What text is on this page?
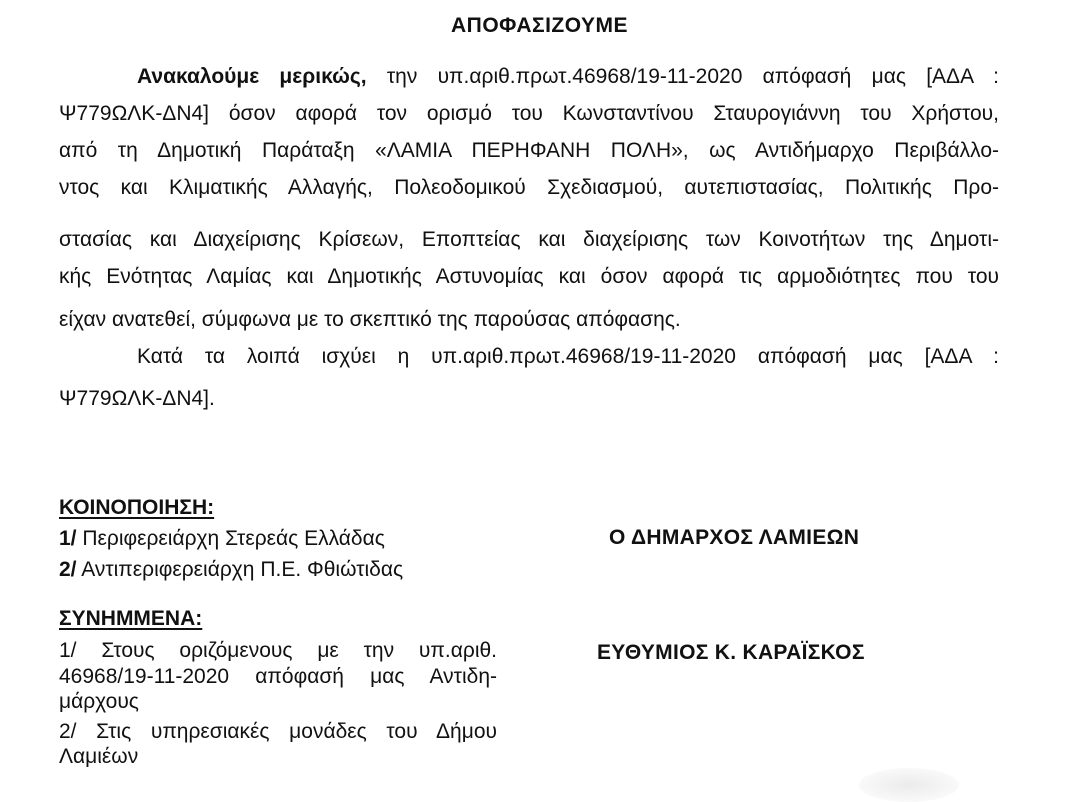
ΑΠΟΦΑΣΙΖΟΥΜΕ
Ανακαλούμε μερικώς, την υπ.αριθ.πρωτ.46968/19-11-2020 απόφασή μας [ΑΔΑ :
Ψ779ΩΛΚ-ΔΝ4] όσον αφορά τον ορισμό του Κωνσταντίνου Σταυρογιάννη του Χρήστου,
από τη Δημοτική Παράταξη «ΛΑΜΙΑ ΠΕΡΗΦΑΝΗ ΠΟΛΗ», ως Αντιδήμαρχο Περιβάλλο-
ντος και Κλιματικής Αλλαγής, Πολεοδομικού Σχεδιασμού, αυτεπιστασίας, Πολιτικής Προ-
στασίας και Διαχείρισης Κρίσεων, Εποπτείας και διαχείρισης των Κοινοτήτων της Δημοτι-
κής Ενότητας Λαμίας και Δημοτικής Αστυνομίας και όσον αφορά τις αρμοδιότητες που του
είχαν ανατεθεί, σύμφωνα με το σκεπτικό της παρούσας απόφασης.
Κατά τα λοιπά ισχύει η υπ.αριθ.πρωτ.46968/19-11-2020 απόφασή μας [ΑΔΑ :
Ψ779ΩΛΚ-ΔΝ4].
ΚΟΙΝΟΠΟΙΗΣΗ:
1/ Περιφερειάρχη Στερεάς Ελλάδας
2/ Αντιπεριφερειάρχη Π.Ε. Φθιώτιδας
ΣΥΝΗΜΜΕΝΑ:
1/ Στους οριζόμενους με την υπ.αριθ.
46968/19-11-2020 απόφασή μας Αντιδη-
μάρχους
2/ Στις υπηρεσιακές μονάδες του Δήμου
Λαμιέων
Ο ΔΗΜΑΡΧΟΣ ΛΑΜΙΕΩΝ
ΕΥΘΥΜΙΟΣ Κ. ΚΑΡΑΪΣΚΟΣ
